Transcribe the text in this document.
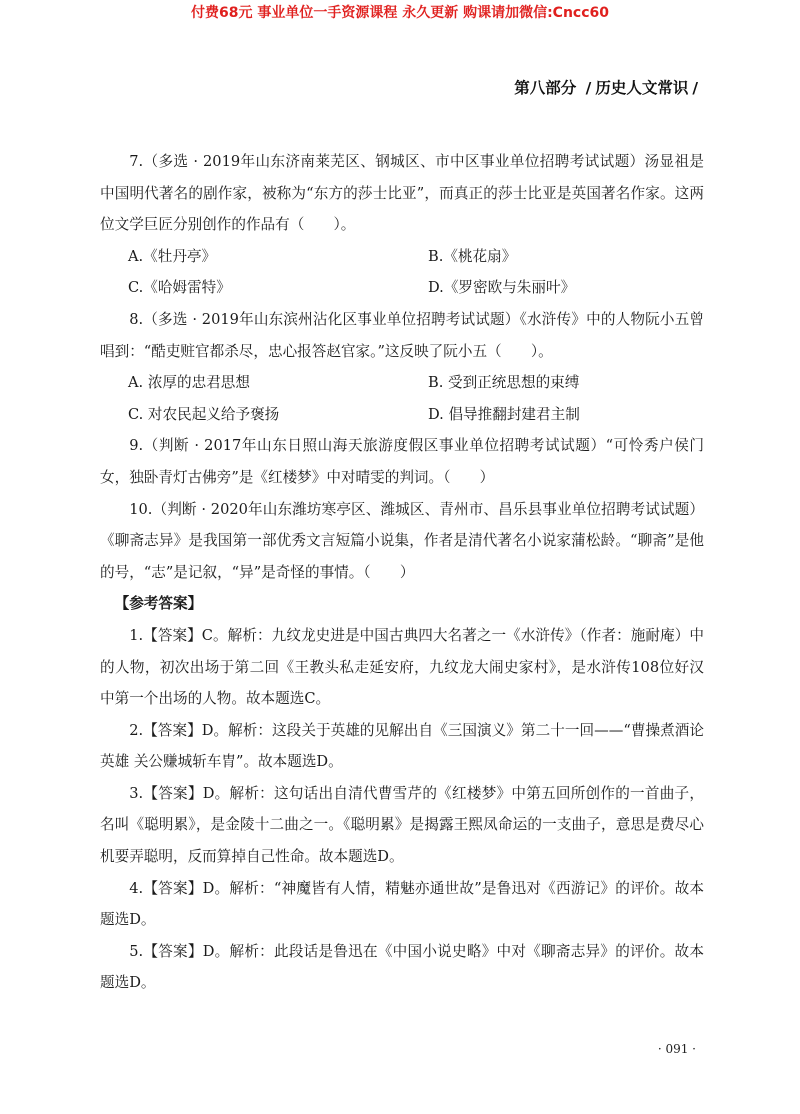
付费68元 事业单位一手资源课程 永久更新 购课请加微信:Cncc60
第八部分 / 历史人文常识 /

7.（多选 · 2019年山东济南莱芜区、钢城区、市中区事业单位招聘考试试题）汤显祖是中国明代著名的剧作家，被称为“东方的莎士比亚”，而真正的莎士比亚是英国著名作家。这两位文学巨匠分别创作的作品有（　　）。

A.《牡丹亭》	B.《桃花扇》
C.《哈姆雷特》	D.《罗密欧与朱丽叶》

8.（多选 · 2019年山东滨州沾化区事业单位招聘考试试题）《水浒传》中的人物阮小五曾唱到：“酷吏赃官都杀尽，忠心报答赵官家。”这反映了阮小五（　　）。

A. 浓厚的忠君思想	B. 受到正统思想的束缚
C. 对农民起义给予褒扬	D. 倡导推翻封建君主制

9.（判断 · 2017年山东日照山海天旅游度假区事业单位招聘考试试题）“可怜秀户侯门女，独卧青灯古佛旁”是《红楼梦》中对晴雯的判词。（　　）

10.（判断 · 2020年山东潍坊寒亭区、潍城区、青州市、昌乐县事业单位招聘考试试题）《聊斋志异》是我国第一部优秀文言短篇小说集，作者是清代著名小说家蒲松龄。“聊斋”是他的号，“志”是记叙，“异”是奇怪的事情。（　　）

【参考答案】

1.【答案】C。解析：九纹龙史进是中国古典四大名著之一《水浒传》（作者：施耐庵）中的人物，初次出场于第二回《王教头私走延安府，九纹龙大闹史家村》，是水浒传108位好汉中第一个出场的人物。故本题选C。

2.【答案】D。解析：这段关于英雄的见解出自《三国演义》第二十一回——“曹操煮酒论英雄 关公赚城斩车胄”。故本题选D。

3.【答案】D。解析：这句话出自清代曹雪芹的《红楼梦》中第五回所创作的一首曲子，名叫《聪明累》，是金陵十二曲之一。《聪明累》是揭露王熙凤命运的一支曲子，意思是费尽心机要弄聪明，反而算掉自己性命。故本题选D。

4.【答案】D。解析：“神魔皆有人情，精魅亦通世故”是鲁迅对《西游记》的评价。故本题选D。

5.【答案】D。解析：此段话是鲁迅在《中国小说史略》中对《聊斋志异》的评价。故本题选D。

· 091 ·
